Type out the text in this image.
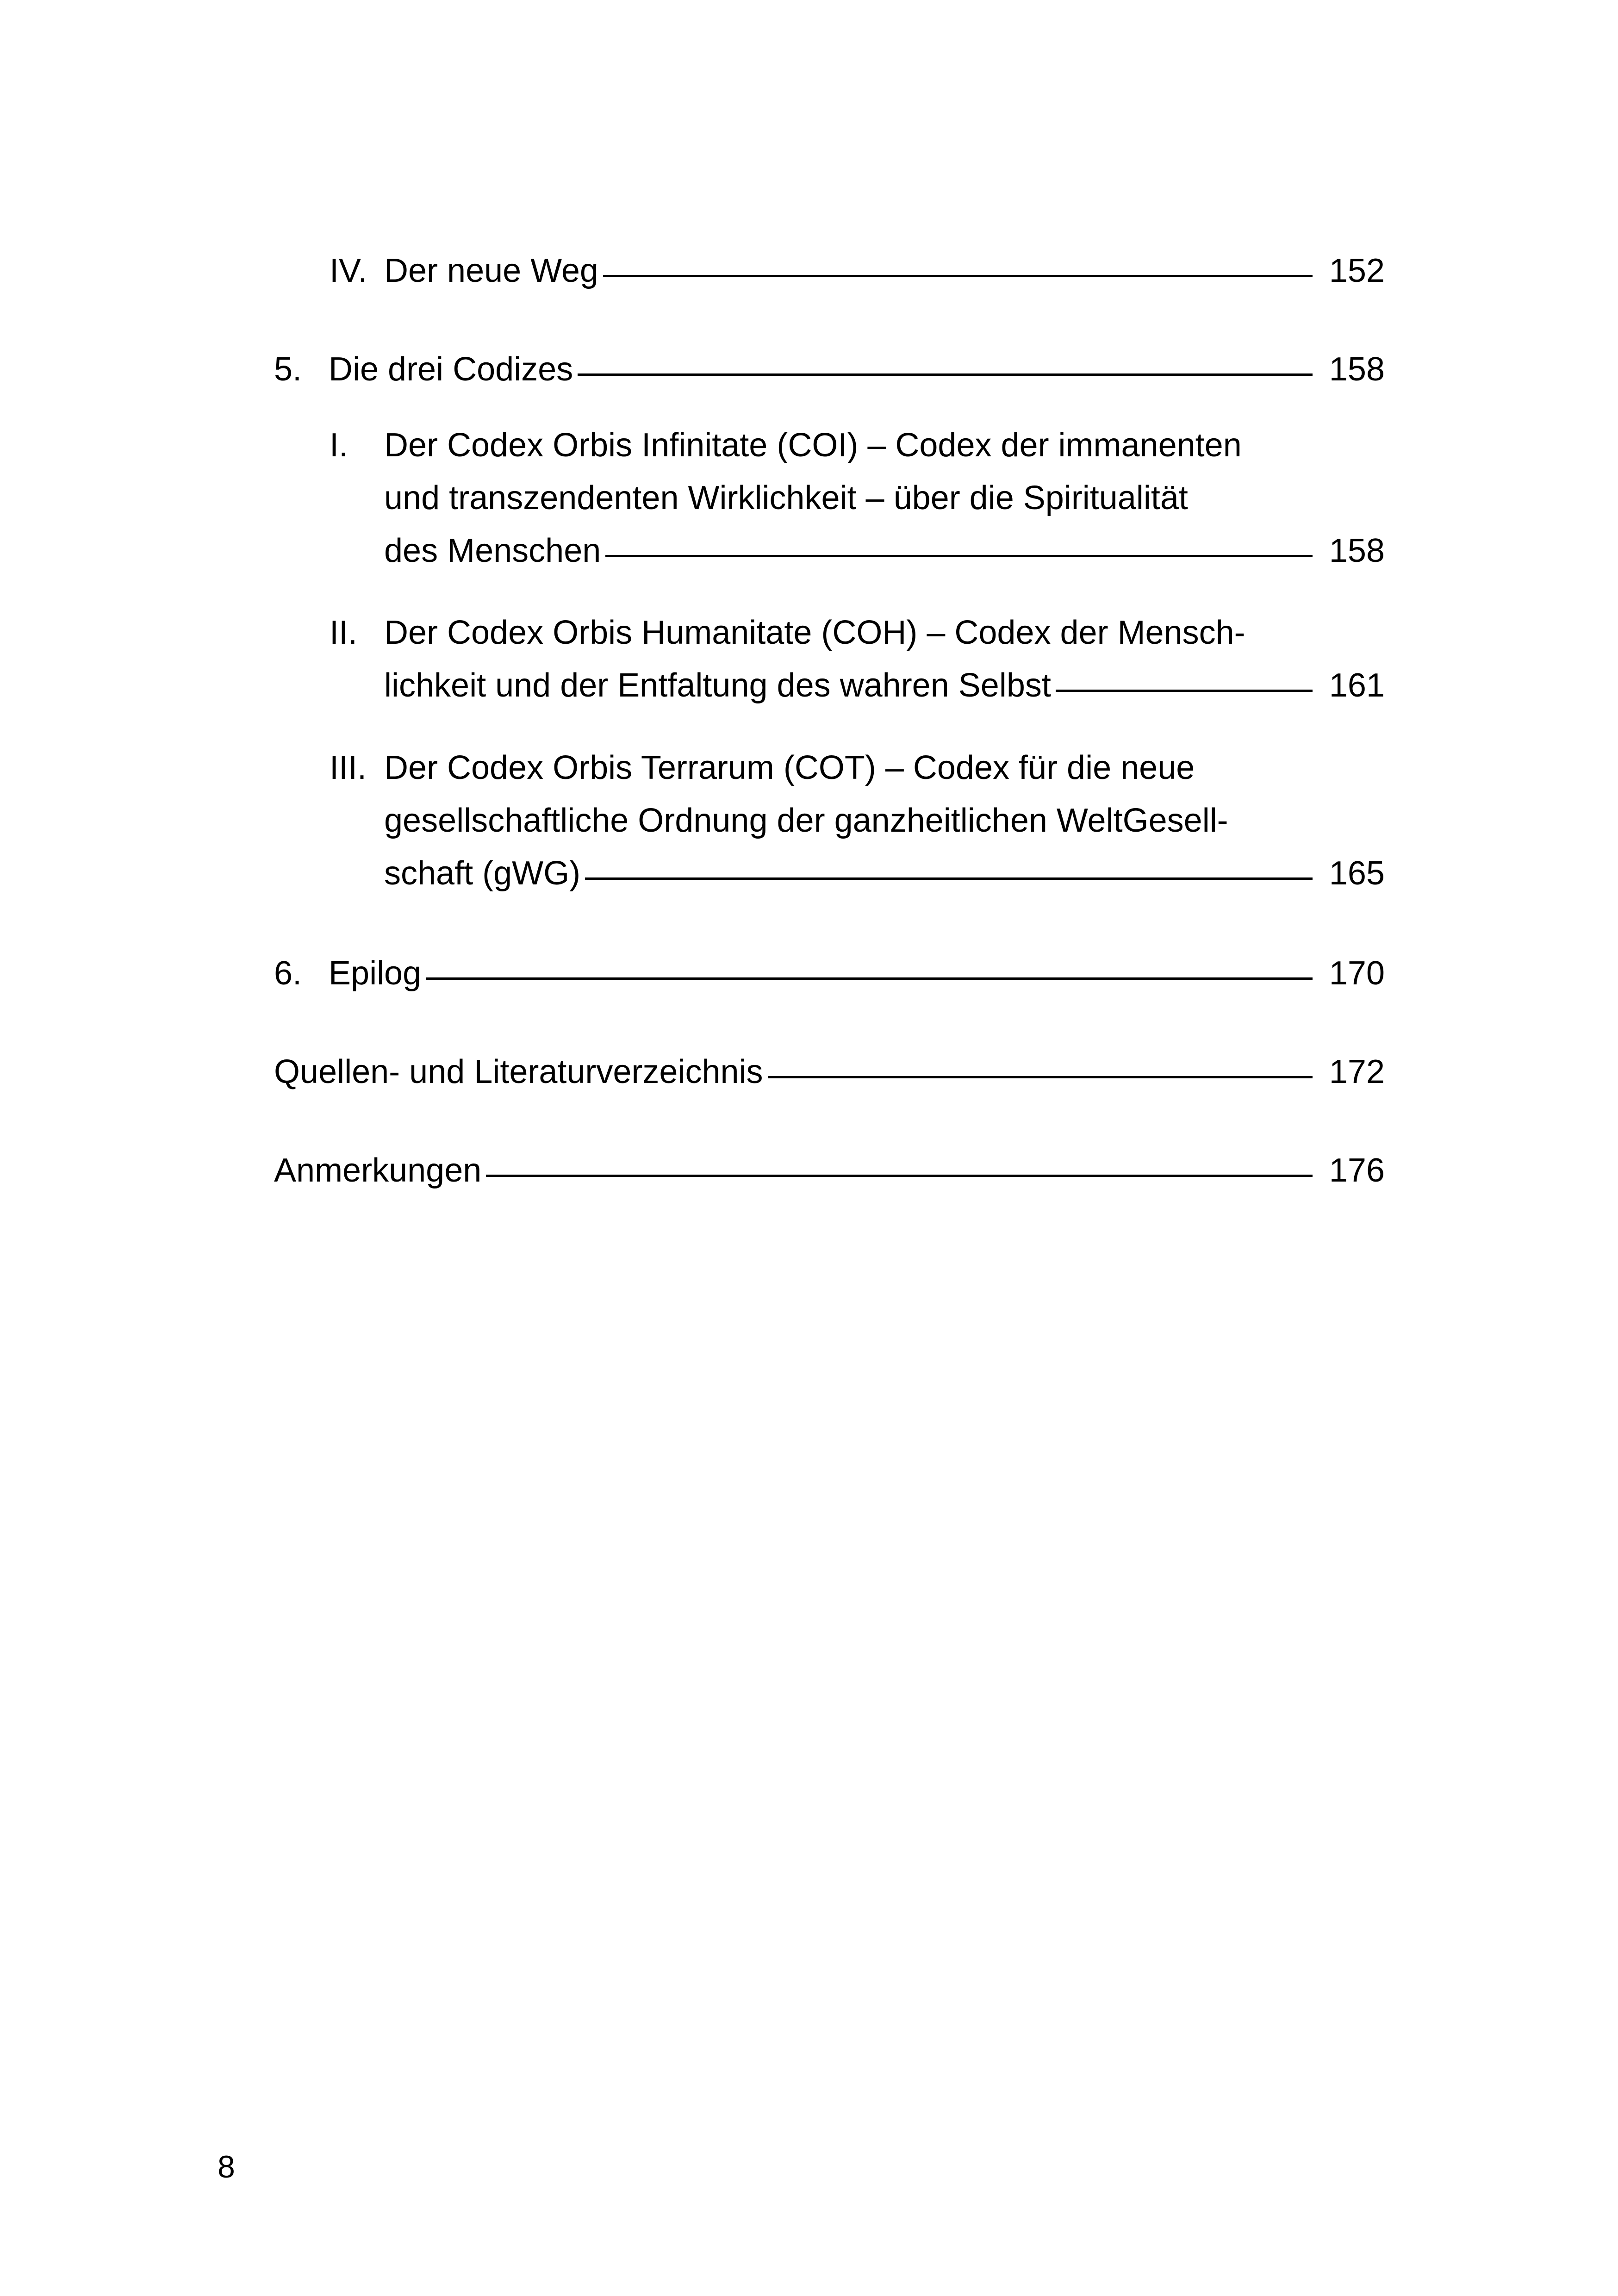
IV. Der neue Weg	152
5. Die drei Codizes	158
I. Der Codex Orbis Infinitate (COI) – Codex der immanenten
und transzendenten Wirklichkeit – über die Spiritualität
des Menschen	158
II. Der Codex Orbis Humanitate (COH) – Codex der Mensch-
lichkeit und der Entfaltung des wahren Selbst	161
III. Der Codex Orbis Terrarum (COT) – Codex für die neue
gesellschaftliche Ordnung der ganzheitlichen WeltGesell-
schaft (gWG)	165
6. Epilog	170
Quellen- und Literaturverzeichnis	172
Anmerkungen	176
8
